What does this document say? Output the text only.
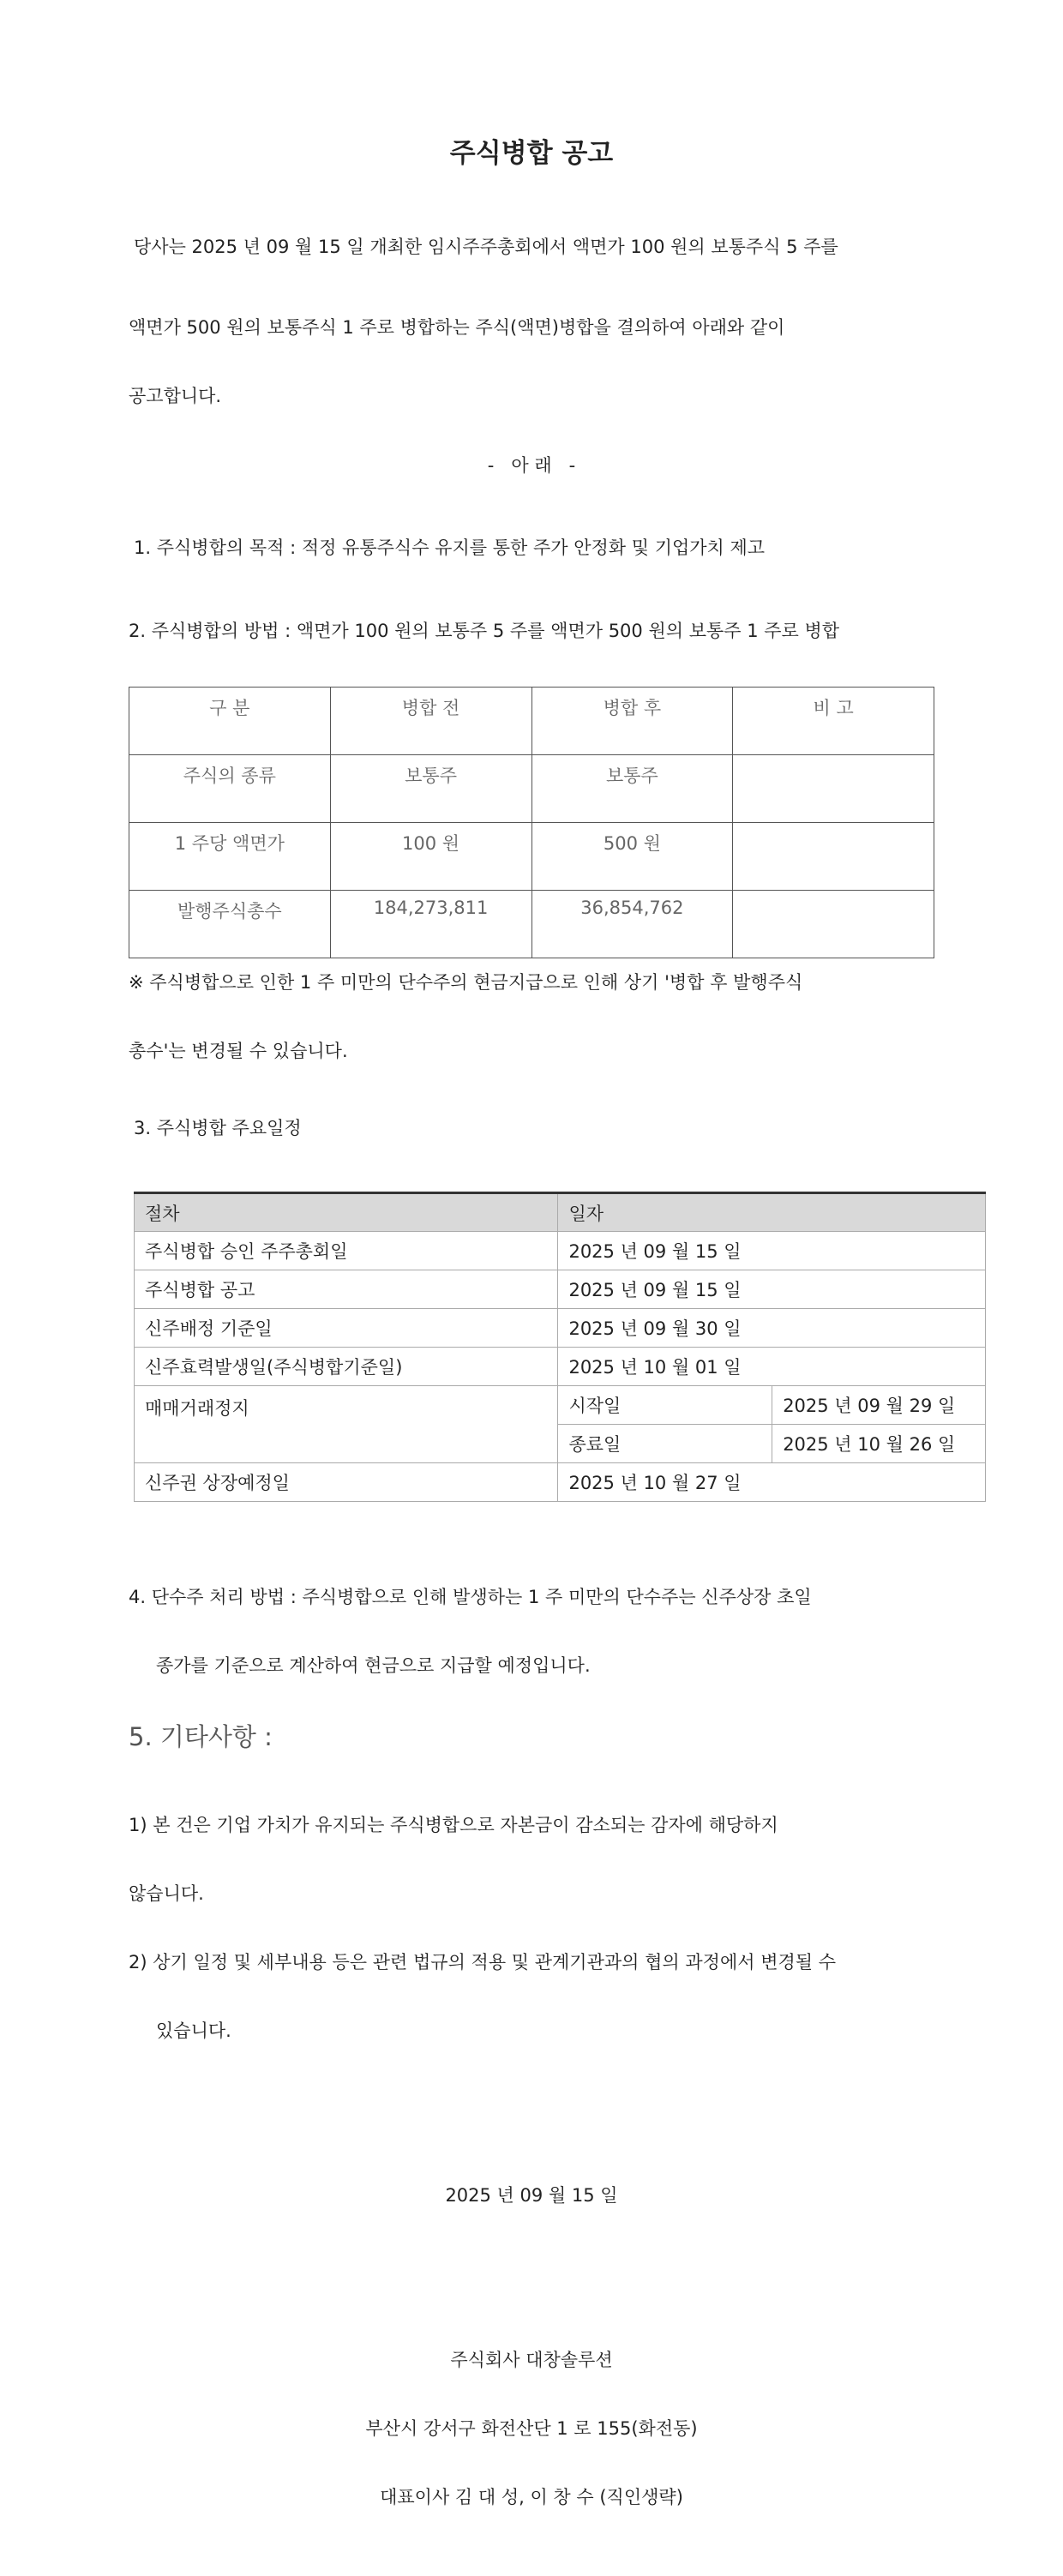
주식병합 공고
당사는 2025 년 09 월 15 일 개최한 임시주주총회에서 액면가 100 원의 보통주식 5 주를
액면가 500 원의 보통주식 1 주로 병합하는 주식(액면)병합을 결의하여 아래와 같이
공고합니다.
-   아 래   -
1. 주식병합의 목적 : 적정 유통주식수 유지를 통한 주가 안정화 및 기업가치 제고
2. 주식병합의 방법 : 액면가 100 원의 보통주 5 주를 액면가 500 원의 보통주 1 주로 병합
구 분	병합 전	병합 후	비 고
주식의 종류	보통주	보통주	
1 주당 액면가	100 원	500 원	
발행주식총수	184,273,811	36,854,762	
※ 주식병합으로 인한 1 주 미만의 단수주의 현금지급으로 인해 상기 '병합 후 발행주식
총수'는 변경될 수 있습니다.
3. 주식병합 주요일정
절차	일자	
주식병합 승인 주주총회일	2025 년 09 월 15 일	
주식병합 공고	2025 년 09 월 15 일	
신주배정 기준일	2025 년 09 월 30 일	
신주효력발생일(주식병합기준일)	2025 년 10 월 01 일	
매매거래정지	시작일	2025 년 09 월 29 일
	종료일	2025 년 10 월 26 일
신주권 상장예정일	2025 년 10 월 27 일	
4. 단수주 처리 방법 : 주식병합으로 인해 발생하는 1 주 미만의 단수주는 신주상장 초일
종가를 기준으로 계산하여 현금으로 지급할 예정입니다.
5. 기타사항 :
1) 본 건은 기업 가치가 유지되는 주식병합으로 자본금이 감소되는 감자에 해당하지
않습니다.
2) 상기 일정 및 세부내용 등은 관련 법규의 적용 및 관계기관과의 협의 과정에서 변경될 수
있습니다.
2025 년 09 월 15 일
주식회사 대창솔루션
부산시 강서구 화전산단 1 로 155(화전동)
대표이사 김 대 성, 이 창 수 (직인생략)
